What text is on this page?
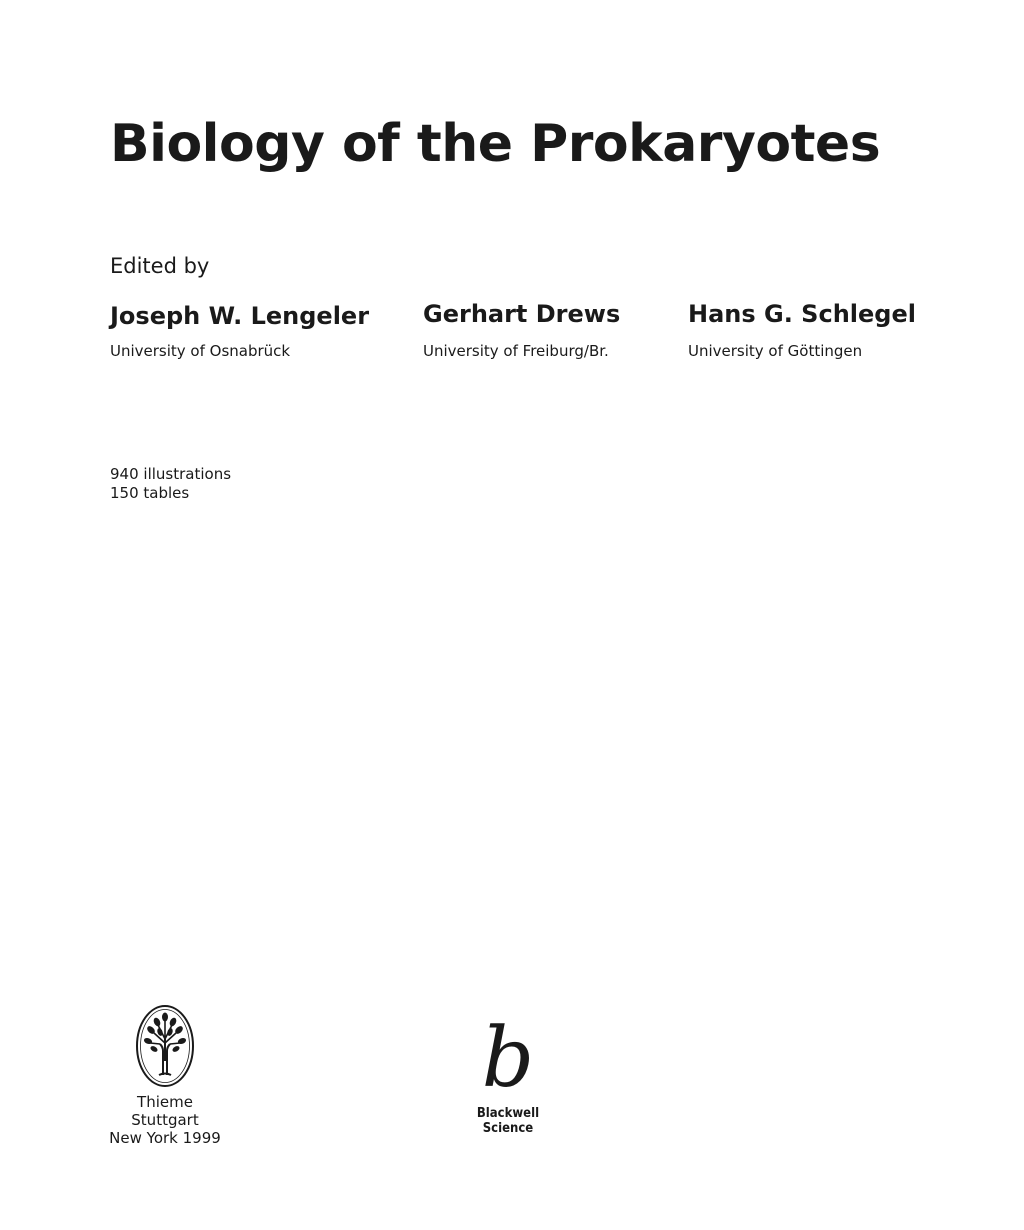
Biology of the Prokaryotes
Edited by
Joseph W. Lengeler
University of Osnabrück
Gerhart Drews
University of Freiburg/Br.
Hans G. Schlegel
University of Göttingen
940 illustrations
150 tables
Thieme
Stuttgart
New York 1999
b
Blackwell
Science
